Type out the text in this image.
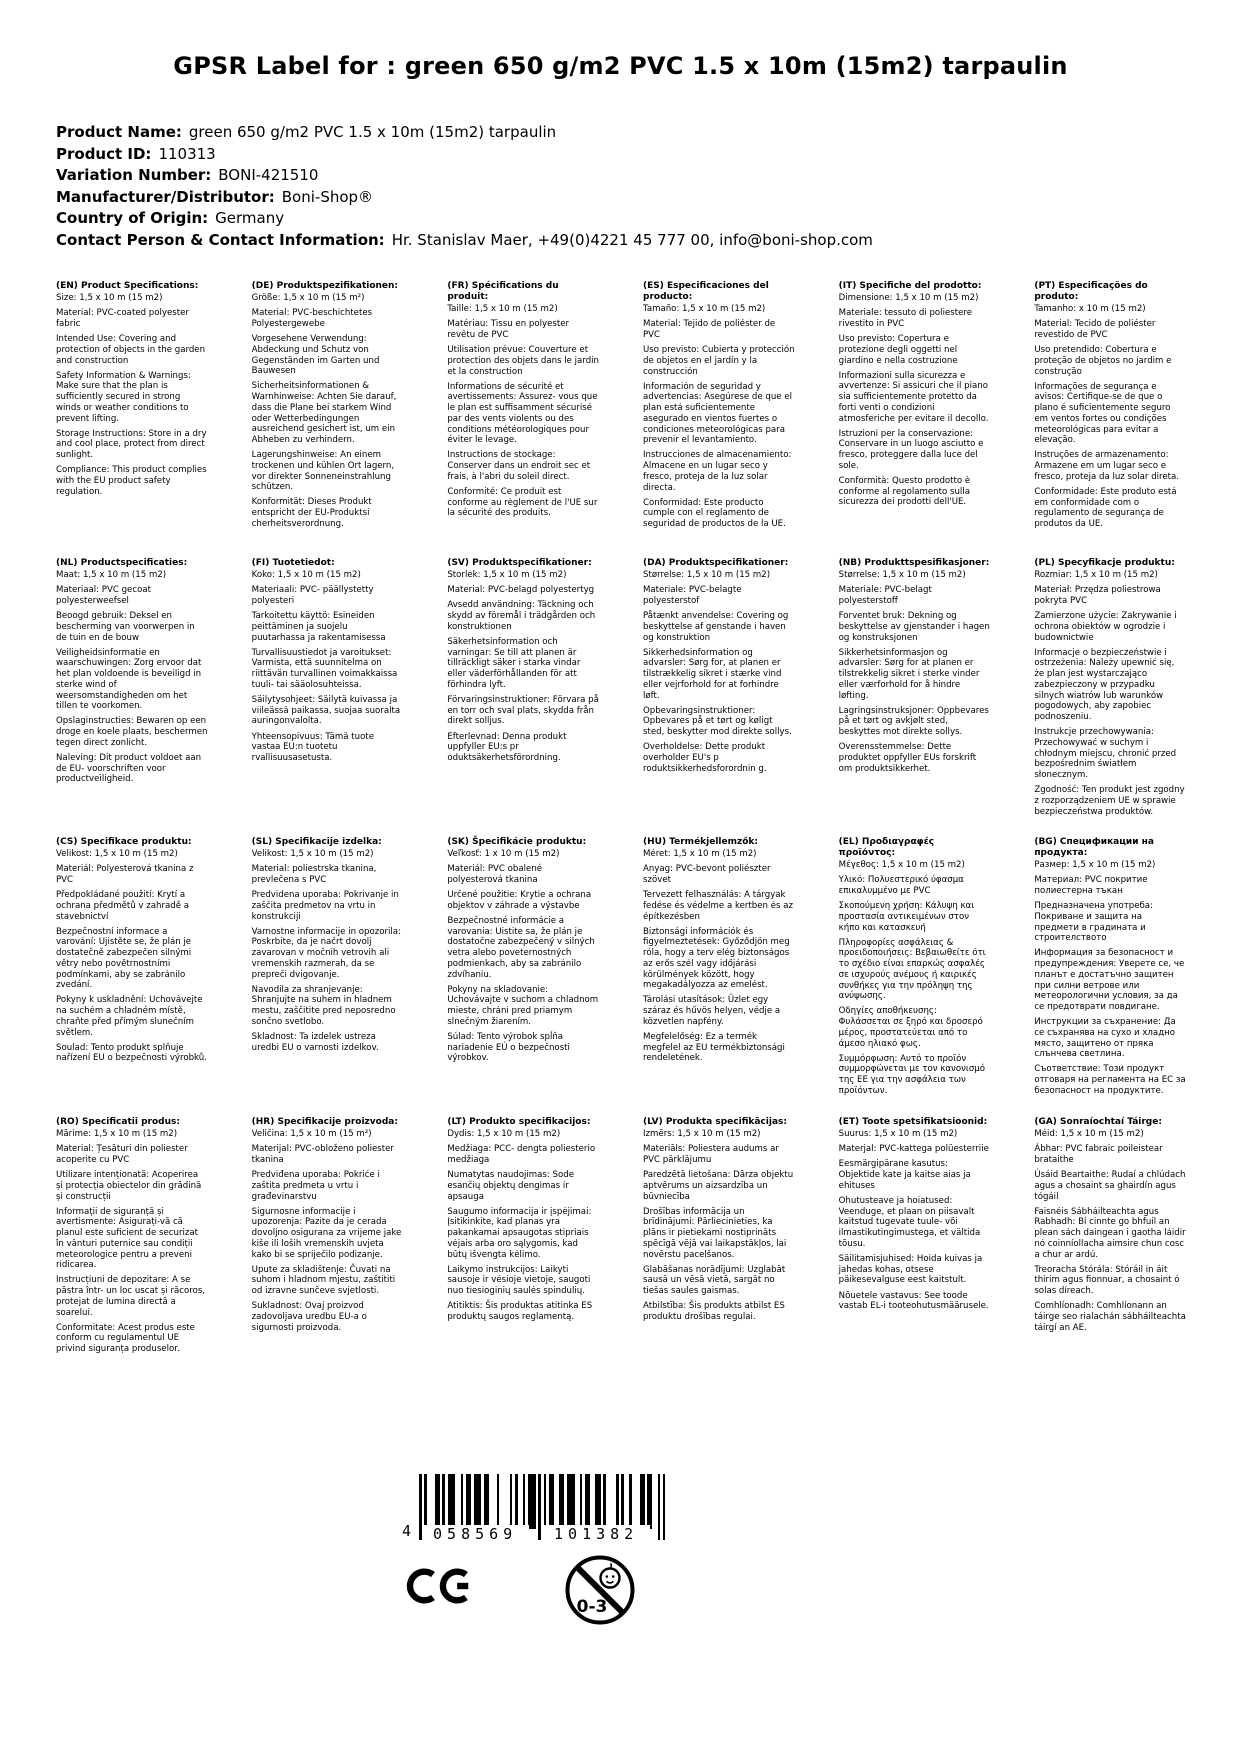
GPSR Label for : green 650 g/m2 PVC 1.5 x 10m (15m2) tarpaulin
Product Name: green 650 g/m2 PVC 1.5 x 10m (15m2) tarpaulin
Product ID: 110313
Variation Number: BONI-421510
Manufacturer/Distributor: Boni-Shop®
Country of Origin: Germany
Contact Person & Contact Information: Hr. Stanislav Maer, +49(0)4221 45 777 00, info@boni-shop.com
(EN) Product Specifications:

Size: 1,5 x 10 m (15 m2)

Material: PVC-coated polyester fabric

Intended Use: Covering and protection of objects in the garden and construction

Safety Information & Warnings: Make sure that the plan is sufficiently secured in strong winds or weather conditions to prevent lifting.

Storage Instructions: Store in a dry and cool place, protect from direct sunlight.

Compliance: This product complies with the EU product safety regulation.

(DE) Produktspezifikationen:

Größe: 1,5 x 10 m (15 m²)

Material: PVC-beschichtetes Polyestergewebe

Vorgesehene Verwendung: Abdeckung und Schutz von Gegenständen im Garten und Bauwesen

Sicherheitsinformationen & Warnhinweise: Achten Sie darauf, dass die Plane bei starkem Wind oder Wetterbedingungen ausreichend gesichert ist, um ein Abheben zu verhindern.

Lagerungshinweise: An einem trockenen und kühlen Ort lagern, vor direkter Sonneneinstrahlung schützen.

Konformität: Dieses Produkt entspricht der EU-Produktsi cherheitsverordnung.

(FR) Spécifications du produit:

Taille: 1,5 x 10 m (15 m2)

Matériau: Tissu en polyester revêtu de PVC

Utilisation prévue: Couverture et protection des objets dans le jardin et la construction

Informations de sécurité et avertissements: Assurez- vous que le plan est suffisamment sécurisé par des vents violents ou des conditions météorologiques pour éviter le levage.

Instructions de stockage: Conserver dans un endroit sec et frais, à l'abri du soleil direct.

Conformité: Ce produit est conforme au règlement de l'UE sur la sécurité des produits.

(ES) Especificaciones del producto:

Tamaño: 1,5 x 10 m (15 m2)

Material: Tejido de poliéster de PVC

Uso previsto: Cubierta y protección de objetos en el jardín y la construcción

Información de seguridad y advertencias: Asegúrese de que el plan está suficientemente asegurado en vientos fuertes o condiciones meteorológicas para prevenir el levantamiento.

Instrucciones de almacenamiento: Almacene en un lugar seco y fresco, proteja de la luz solar directa.

Conformidad: Este producto cumple con el reglamento de seguridad de productos de la UE.

(IT) Specifiche del prodotto:

Dimensione: 1,5 x 10 m (15 m2)

Materiale: tessuto di poliestere rivestito in PVC

Uso previsto: Copertura e protezione degli oggetti nel giardino e nella costruzione

Informazioni sulla sicurezza e avvertenze: Si assicuri che il piano sia sufficientemente protetto da forti venti o condizioni atmosferiche per evitare il decollo.

Istruzioni per la conservazione: Conservare in un luogo asciutto e fresco, proteggere dalla luce del sole.

Conformità: Questo prodotto è conforme al regolamento sulla sicurezza dei prodotti dell'UE.

(PT) Especificações do produto:

Tamanho: x 10 m (15 m2)

Material: Tecido de poliéster revestido de PVC

Uso pretendido: Cobertura e proteção de objetos no jardim e construção

Informações de segurança e avisos: Certifique-se de que o plano é suficientemente seguro em ventos fortes ou condições meteorológicas para evitar a elevação.

Instruções de armazenamento: Armazene em um lugar seco e fresco, proteja da luz solar direta.

Conformidade: Este produto está em conformidade com o regulamento de segurança de produtos da UE.

(NL) Productspecificaties:

Maat: 1,5 x 10 m (15 m2)

Materiaal: PVC gecoat polyesterweefsel

Beoogd gebruik: Deksel en bescherming van voorwerpen in de tuin en de bouw

Veiligheidsinformatie en waarschuwingen: Zorg ervoor dat het plan voldoende is beveiligd in sterke wind of weersomstandigheden om het tillen te voorkomen.

Opslaginstructies: Bewaren op een droge en koele plaats, beschermen tegen direct zonlicht.

Naleving: Dit product voldoet aan de EU- voorschriften voor productveiligheid.

(FI) Tuotetiedot:

Koko: 1,5 x 10 m (15 m2)

Materiaali: PVC- päällystetty polyesteri

Tarkoitettu käyttö: Esineiden peittäminen ja suojelu puutarhassa ja rakentamisessa

Turvallisuustiedot ja varoitukset: Varmista, että suunnitelma on riittävän turvallinen voimakkaissa tuuli- tai sääolosuhteissa.

Säilytysohjeet: Säilytä kuivassa ja viileässä paikassa, suojaa suoralta auringonvalolta.

Yhteensopivuus: Tämä tuote vastaa EU:n tuotetu rvallisuusasetusta.

(SV) Produktspecifikationer:

Storlek: 1,5 x 10 m (15 m2)

Material: PVC-belagd polyestertyg

Avsedd användning: Täckning och skydd av föremål i trädgården och konstruktionen

Säkerhetsinformation och varningar: Se till att planen är tillräckligt säker i starka vindar eller väderförhållanden för att förhindra lyft.

Förvaringsinstruktioner: Förvara på en torr och sval plats, skydda från direkt solljus.

Efterlevnad: Denna produkt uppfyller EU:s pr oduktsäkerhetsförordning.

(DA) Produktspecifikationer:

Størrelse: 1,5 x 10 m (15 m2)

Materiale: PVC-belagte polyesterstof

Påtænkt anvendelse: Covering og beskyttelse af genstande i haven og konstruktion

Sikkerhedsinformation og advarsler: Sørg for, at planen er tilstrækkelig sikret i stærke vind eller vejrforhold for at forhindre løft.

Opbevaringsinstruktioner: Opbevares på et tørt og køligt sted, beskytter mod direkte sollys.

Overholdelse: Dette produkt overholder EU's p roduktsikkerhedsforordnin g.

(NB) Produkttspesifikasjoner:

Størrelse: 1,5 x 10 m (15 m2)

Materiale: PVC-belagt polyesterstoff

Forventet bruk: Dekning og beskyttelse av gjenstander i hagen og konstruksjonen

Sikkerhetsinformasjon og advarsler: Sørg for at planen er tilstrekkelig sikret i sterke vinder eller værforhold for å hindre løfting.

Lagringsinstruksjoner: Oppbevares på et tørt og avkjølt sted, beskyttes mot direkte sollys.

Overensstemmelse: Dette produktet oppfyller EUs forskrift om produktsikkerhet.

(PL) Specyfikacje produktu:

Rozmiar: 1,5 x 10 m (15 m2)

Materiał: Przędza poliestrowa pokryta PVC

Zamierzone użycie: Zakrywanie i ochrona obiektów w ogrodzie i budownictwie

Informacje o bezpieczeństwie i ostrzeżenia: Należy upewnić się, że plan jest wystarczająco zabezpieczony w przypadku silnych wiatrów lub warunków pogodowych, aby zapobiec podnoszeniu.

Instrukcje przechowywania: Przechowywać w suchym i chłodnym miejscu, chronić przed bezpośrednim światłem słonecznym.

Zgodność: Ten produkt jest zgodny z rozporządzeniem UE w sprawie bezpieczeństwa produktów.

(CS) Specifikace produktu:

Velikost: 1,5 x 10 m (15 m2)

Materiál: Polyesterová tkanina z PVC

Předpokládané použití: Krytí a ochrana předmětů v zahradě a stavebnictví

Bezpečnostní informace a varování: Ujistěte se, že plán je dostatečně zabezpečen silnými větry nebo povětrnostními podmínkami, aby se zabránilo zvedání.

Pokyny k uskladnění: Uchovávejte na suchém a chladném místě, chraňte před přímým slunečním světlem.

Soulad: Tento produkt splňuje nařízení EU o bezpečnosti výrobků.

(SL) Specifikacije izdelka:

Velikost: 1,5 x 10 m (15 m2)

Material: poliestrska tkanina, prevlečena s PVC

Predvidena uporaba: Pokrivanje in zaščita predmetov na vrtu in konstrukciji

Varnostne informacije in opozorila: Poskrbite, da je načrt dovolj zavarovan v močnih vetrovih ali vremenskih razmerah, da se prepreči dvigovanje.

Navodila za shranjevanje: Shranjujte na suhem in hladnem mestu, zaščitite pred neposredno sončno svetlobo.

Skladnost: Ta izdelek ustreza uredbi EU o varnosti izdelkov.

(SK) Špecifikácie produktu:

Veľkosť: 1 x 10 m (15 m2)

Materiál: PVC obalené polyesterová tkanina

Určené použitie: Krytie a ochrana objektov v záhrade a výstavbe

Bezpečnostné informácie a varovania: Uistite sa, že plán je dostatočne zabezpečený v silných vetra alebo poveternostných podmienkach, aby sa zabránilo zdvíhaniu.

Pokyny na skladovanie: Uchovávajte v suchom a chladnom mieste, chráni pred priamym slnečným žiarením.

Súlad: Tento výrobok spĺňa nariadenie EÚ o bezpečnosti výrobkov.

(HU) Termékjellemzők:

Méret: 1,5 x 10 m (15 m2)

Anyag: PVC-bevont poliészter szövet

Tervezett felhasználás: A tárgyak fedése és védelme a kertben és az építkezésben

Biztonsági információk és figyelmeztetések: Győződjön meg róla, hogy a terv elég biztonságos az erős szél vagy időjárási körülmények között, hogy megakadályozza az emelést.

Tárolási utasítások: Üzlet egy száraz és hűvös helyen, védje a közvetlen napfény.

Megfelelőség: Ez a termék megfelel az EU termékbiztonsági rendeletének.

(EL) Προδιαγραφές προϊόντος:

Μέγεθος: 1,5 x 10 m (15 m2)

Υλικό: Πολυεστερικό ύφασμα επικαλυμμένο με PVC

Σκοπούμενη χρήση: Κάλυψη και προστασία αντικειμένων στον κήπο και κατασκευή

Πληροφορίες ασφάλειας & προειδοποιήσεις: Βεβαιωθείτε ότι το σχέδιο είναι επαρκώς ασφαλές σε ισχυρούς ανέμους ή καιρικές συνθήκες για την πρόληψη της ανύψωσης.

Οδηγίες αποθήκευσης: Φυλάσσεται σε ξηρό και δροσερό μέρος, προστατεύεται από το άμεσο ηλιακό φως.

Συμμόρφωση: Αυτό το προϊόν συμμορφώνεται με τον κανονισμό της ΕΕ για την ασφάλεια των προϊόντων.

(BG) Спецификации на продукта:

Размер: 1,5 x 10 m (15 m2)

Материал: PVC покритие полиестерна тъкан

Предназначена употреба: Покриване и защита на предмети в градината и строителството

Информация за безопасност и предупреждения: Уверете се, че планът е достатъчно защитен при силни ветрове или метеорологични условия, за да се предотврати повдигане.

Инструкции за съхранение: Да се съхранява на сухо и хладно място, защитено от пряка слънчева светлина.

Съответствие: Този продукт отговаря на регламента на ЕС за безопасност на продуктите.

(RO) Specificatii produs:

Mărime: 1,5 x 10 m (15 m2)

Material: Țesături din poliester acoperite cu PVC

Utilizare intenționată: Acoperirea și protecția obiectelor din grădină și construcții

Informații de siguranță și avertismente: Asigurați-vă că planul este suficient de securizat în vânturi puternice sau condiții meteorologice pentru a preveni ridicarea.

Instrucțiuni de depozitare: A se păstra într- un loc uscat și răcoros, protejat de lumina directă a soarelui.

Conformitate: Acest produs este conform cu regulamentul UE privind siguranța produselor.

(HR) Specifikacije proizvoda:

Veličina: 1,5 x 10 m (15 m²)

Materijal: PVC-obloženo poliester tkanina

Predviđena uporaba: Pokriće i zaštita predmeta u vrtu i građevinarstvu

Sigurnosne informacije i upozorenja: Pazite da je cerada dovoljno osigurana za vrijeme jake kiše ili loših vremenskih uvjeta kako bi se spriječilo podizanje.

Upute za skladištenje: Čuvati na suhom i hladnom mjestu, zaštititi od izravne sunčeve svjetlosti.

Sukladnost: Ovaj proizvod zadovoljava uredbu EU-a o sigurnosti proizvoda.

(LT) Produkto specifikacijos:

Dydis: 1,5 x 10 m (15 m2)

Medžiaga: PCC- dengta poliesterio medžiaga

Numatytas naudojimas: Sode esančių objektų dengimas ir apsauga

Saugumo informacija ir įspėjimai: Įsitikinkite, kad planas yra pakankamai apsaugotas stipriais vėjais arba oro sąlygomis, kad būtų išvengta kėlimo.

Laikymo instrukcijos: Laikyti sausoje ir vėsioje vietoje, saugoti nuo tiesioginių saulės spindulių.

Atitiktis: Šis produktas atitinka ES produktų saugos reglamentą.

(LV) Produkta specifikācijas:

Izmērs: 1,5 x 10 m (15 m2)

Materiāls: Poliestera audums ar PVC pārklājumu

Paredzētā lietošana: Dārza objektu aptvērums un aizsardzība un būvniecība

Drošības informācija un brīdinājumi: Pārliecinieties, ka plāns ir pietiekami nostiprināts spēcīgā vējā vai laikapstākļos, lai novērstu pacelšanos.

Glabāšanas norādījumi: Uzglabāt sausā un vēsā vietā, sargāt no tiešas saules gaismas.

Atbilstība: Šis produkts atbilst ES produktu drošības regulai.

(ET) Toote spetsifikatsioonid:

Suurus: 1,5 x 10 m (15 m2)

Materjal: PVC-kattega polüesterriie

Eesmärgipärane kasutus: Objektide kate ja kaitse aias ja ehituses

Ohutusteave ja hoiatused: Veenduge, et plaan on piisavalt kaitstud tugevate tuule- või ilmastikutingimustega, et vältida tõusu.

Säilitamisjuhised: Hoida kuivas ja jahedas kohas, otsese päikesevalguse eest kaitstult.

Nõuetele vastavus: See toode vastab EL-i tooteohutusmäärusele.

(GA) Sonraíochtaí Táirge:

Méid: 1,5 x 10 m (15 m2)

Ábhar: PVC fabraic poileistear brataithe

Úsáid Beartaithe: Rudaí a chlúdach agus a chosaint sa ghairdín agus tógáil

Faisnéis Sábháilteachta agus Rabhadh: Bí cinnte go bhfuil an plean sách daingean i gaotha láidir nó coinníollacha aimsire chun cosc a chur ar ardú.

Treoracha Stórála: Stóráil in áit thirim agus fionnuar, a chosaint ó solas díreach.

Comhlíonadh: Comhlíonann an táirge seo rialachán sábháilteachta táirgí an AE.

4	058569	101382
0-3
